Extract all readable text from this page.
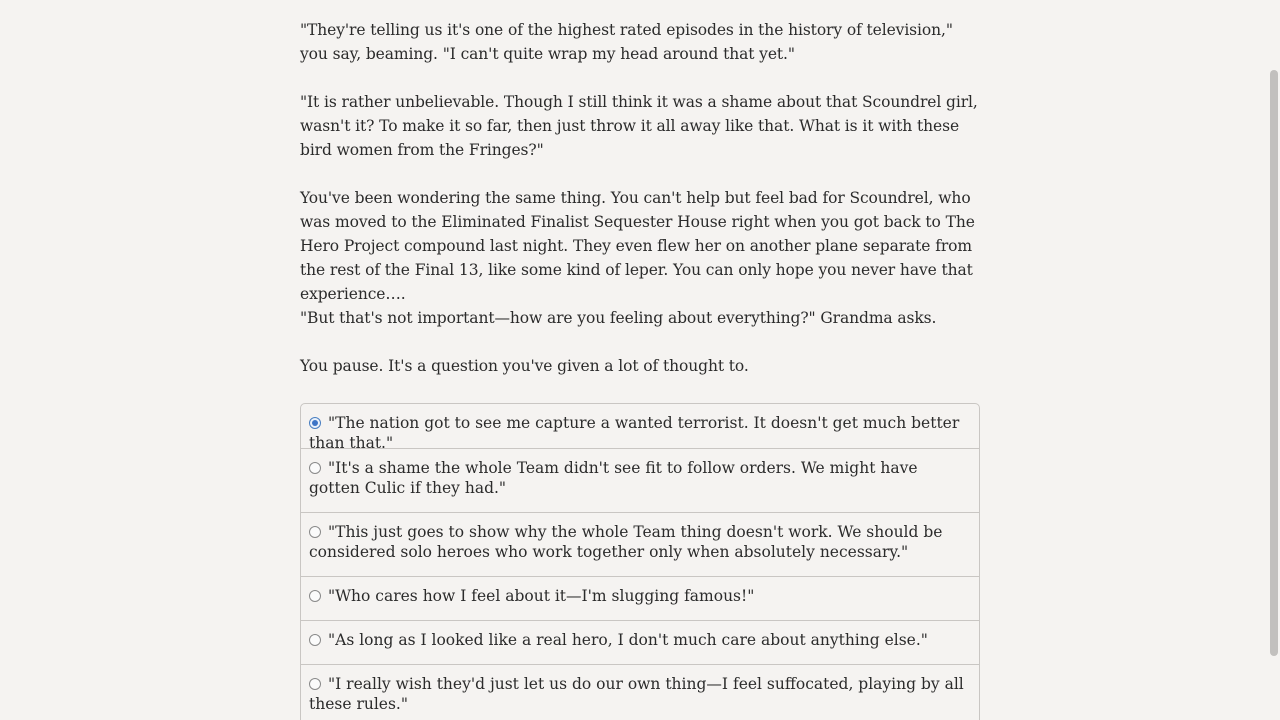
"They're telling us it's one of the highest rated episodes in the history of television," you say, beaming. "I can't quite wrap my head around that yet."

"It is rather unbelievable. Though I still think it was a shame about that Scoundrel girl, wasn't it? To make it so far, then just throw it all away like that. What is it with these bird women from the Fringes?"

You've been wondering the same thing. You can't help but feel bad for Scoundrel, who was moved to the Eliminated Finalist Sequester House right when you got back to The Hero Project compound last night. They even flew her on another plane separate from the rest of the Final 13, like some kind of leper. You can only hope you never have that experience….

"But that's not important—how are you feeling about everything?" Grandma asks.

You pause. It's a question you've given a lot of thought to.

"The nation got to see me capture a wanted terrorist. It doesn't get much better than that."
"It's a shame the whole Team didn't see fit to follow orders. We might have gotten Culic if they had."
"This just goes to show why the whole Team thing doesn't work. We should be considered solo heroes who work together only when absolutely necessary."
"Who cares how I feel about it—I'm slugging famous!"
"As long as I looked like a real hero, I don't much care about anything else."
"I really wish they'd just let us do our own thing—I feel suffocated, playing by all these rules."
